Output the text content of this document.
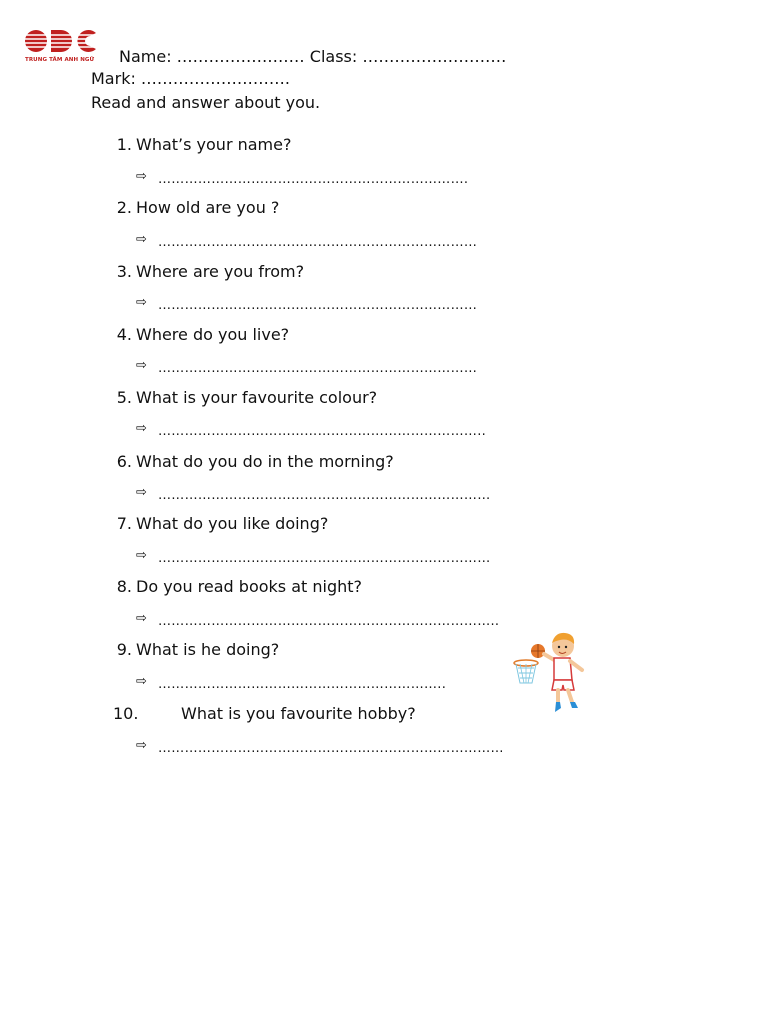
TRUNG TÂM ANH NGỮ	Name: …………………… Class: ………………………
Mark: ……………………….
Read and answer about you.
1. What’s your name?
⇨ …………………………………………………………….
2. How old are you ?
⇨ ………………………………………………………………
3. Where are you from?
⇨ ………………………………………………………………
4. Where do you live?
⇨ ………………………………………………………………
5. What is your favourite colour?
⇨ ………………………………………………………………..
6. What do you do in the morning?
⇨ …………………………………………………………………
7. What do you like doing?
⇨ …………………………………………………………………
8. Do you read books at night?
⇨ …………………………………………………………………..
9. What is he doing?
⇨ ………………………………………………………..
10.	What is you favourite hobby?
⇨ ……………………………………………………………………
